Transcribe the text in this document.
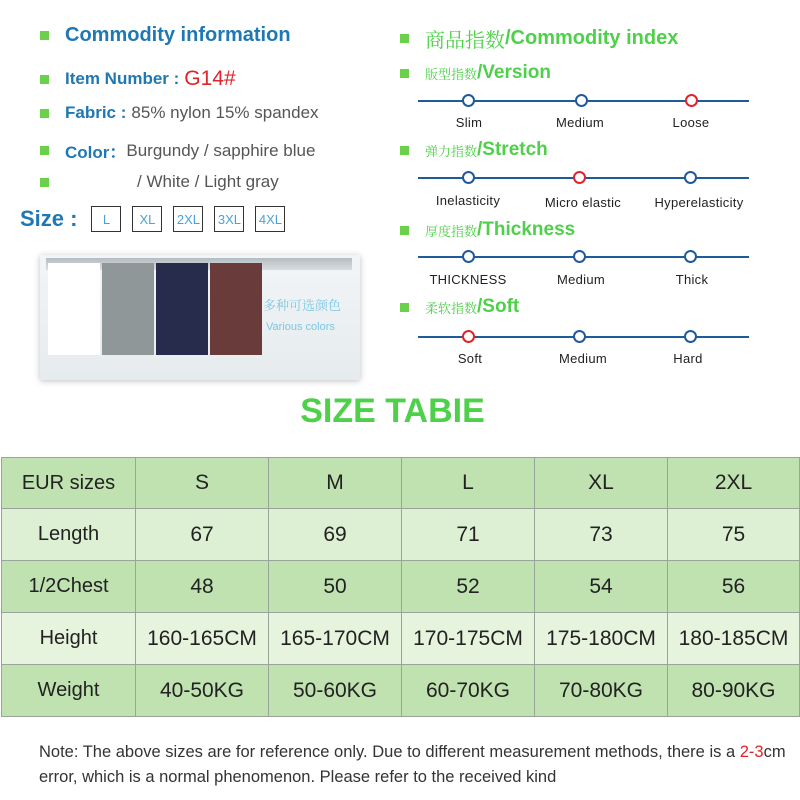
Commodity information
Item Number : G14#
Fabric : 85% nylon 15% spandex
Color： Burgundy / sapphire blue
/ White / Light gray
Size :	L	XL	2XL 3XL 4XL
多种可选颜色
Various colors
商品指数 /Commodity index
版型指数 /Version
Slim	Medium	Loose
弹力指数 /Stretch
Inelasticity	Micro elastic	Hyperelasticity
厚度指数 /Thickness
THICKNESS	Medium	Thick
柔软指数 /Soft
Soft	Medium	Hard
SIZE TABIE
EUR sizes	S	M	L	XL	2XL
Length	67	69	71	73	75
1/2Chest	48	50	52	54	56
Height	160-165CM	165-170CM	170-175CM	175-180CM	180-185CM
Weight	40-50KG	50-60KG	60-70KG	70-80KG	80-90KG
Note: The above sizes are for reference only. Due to different measurement methods, there is a 2-3cm error, which is a normal phenomenon. Please refer to the received kind
